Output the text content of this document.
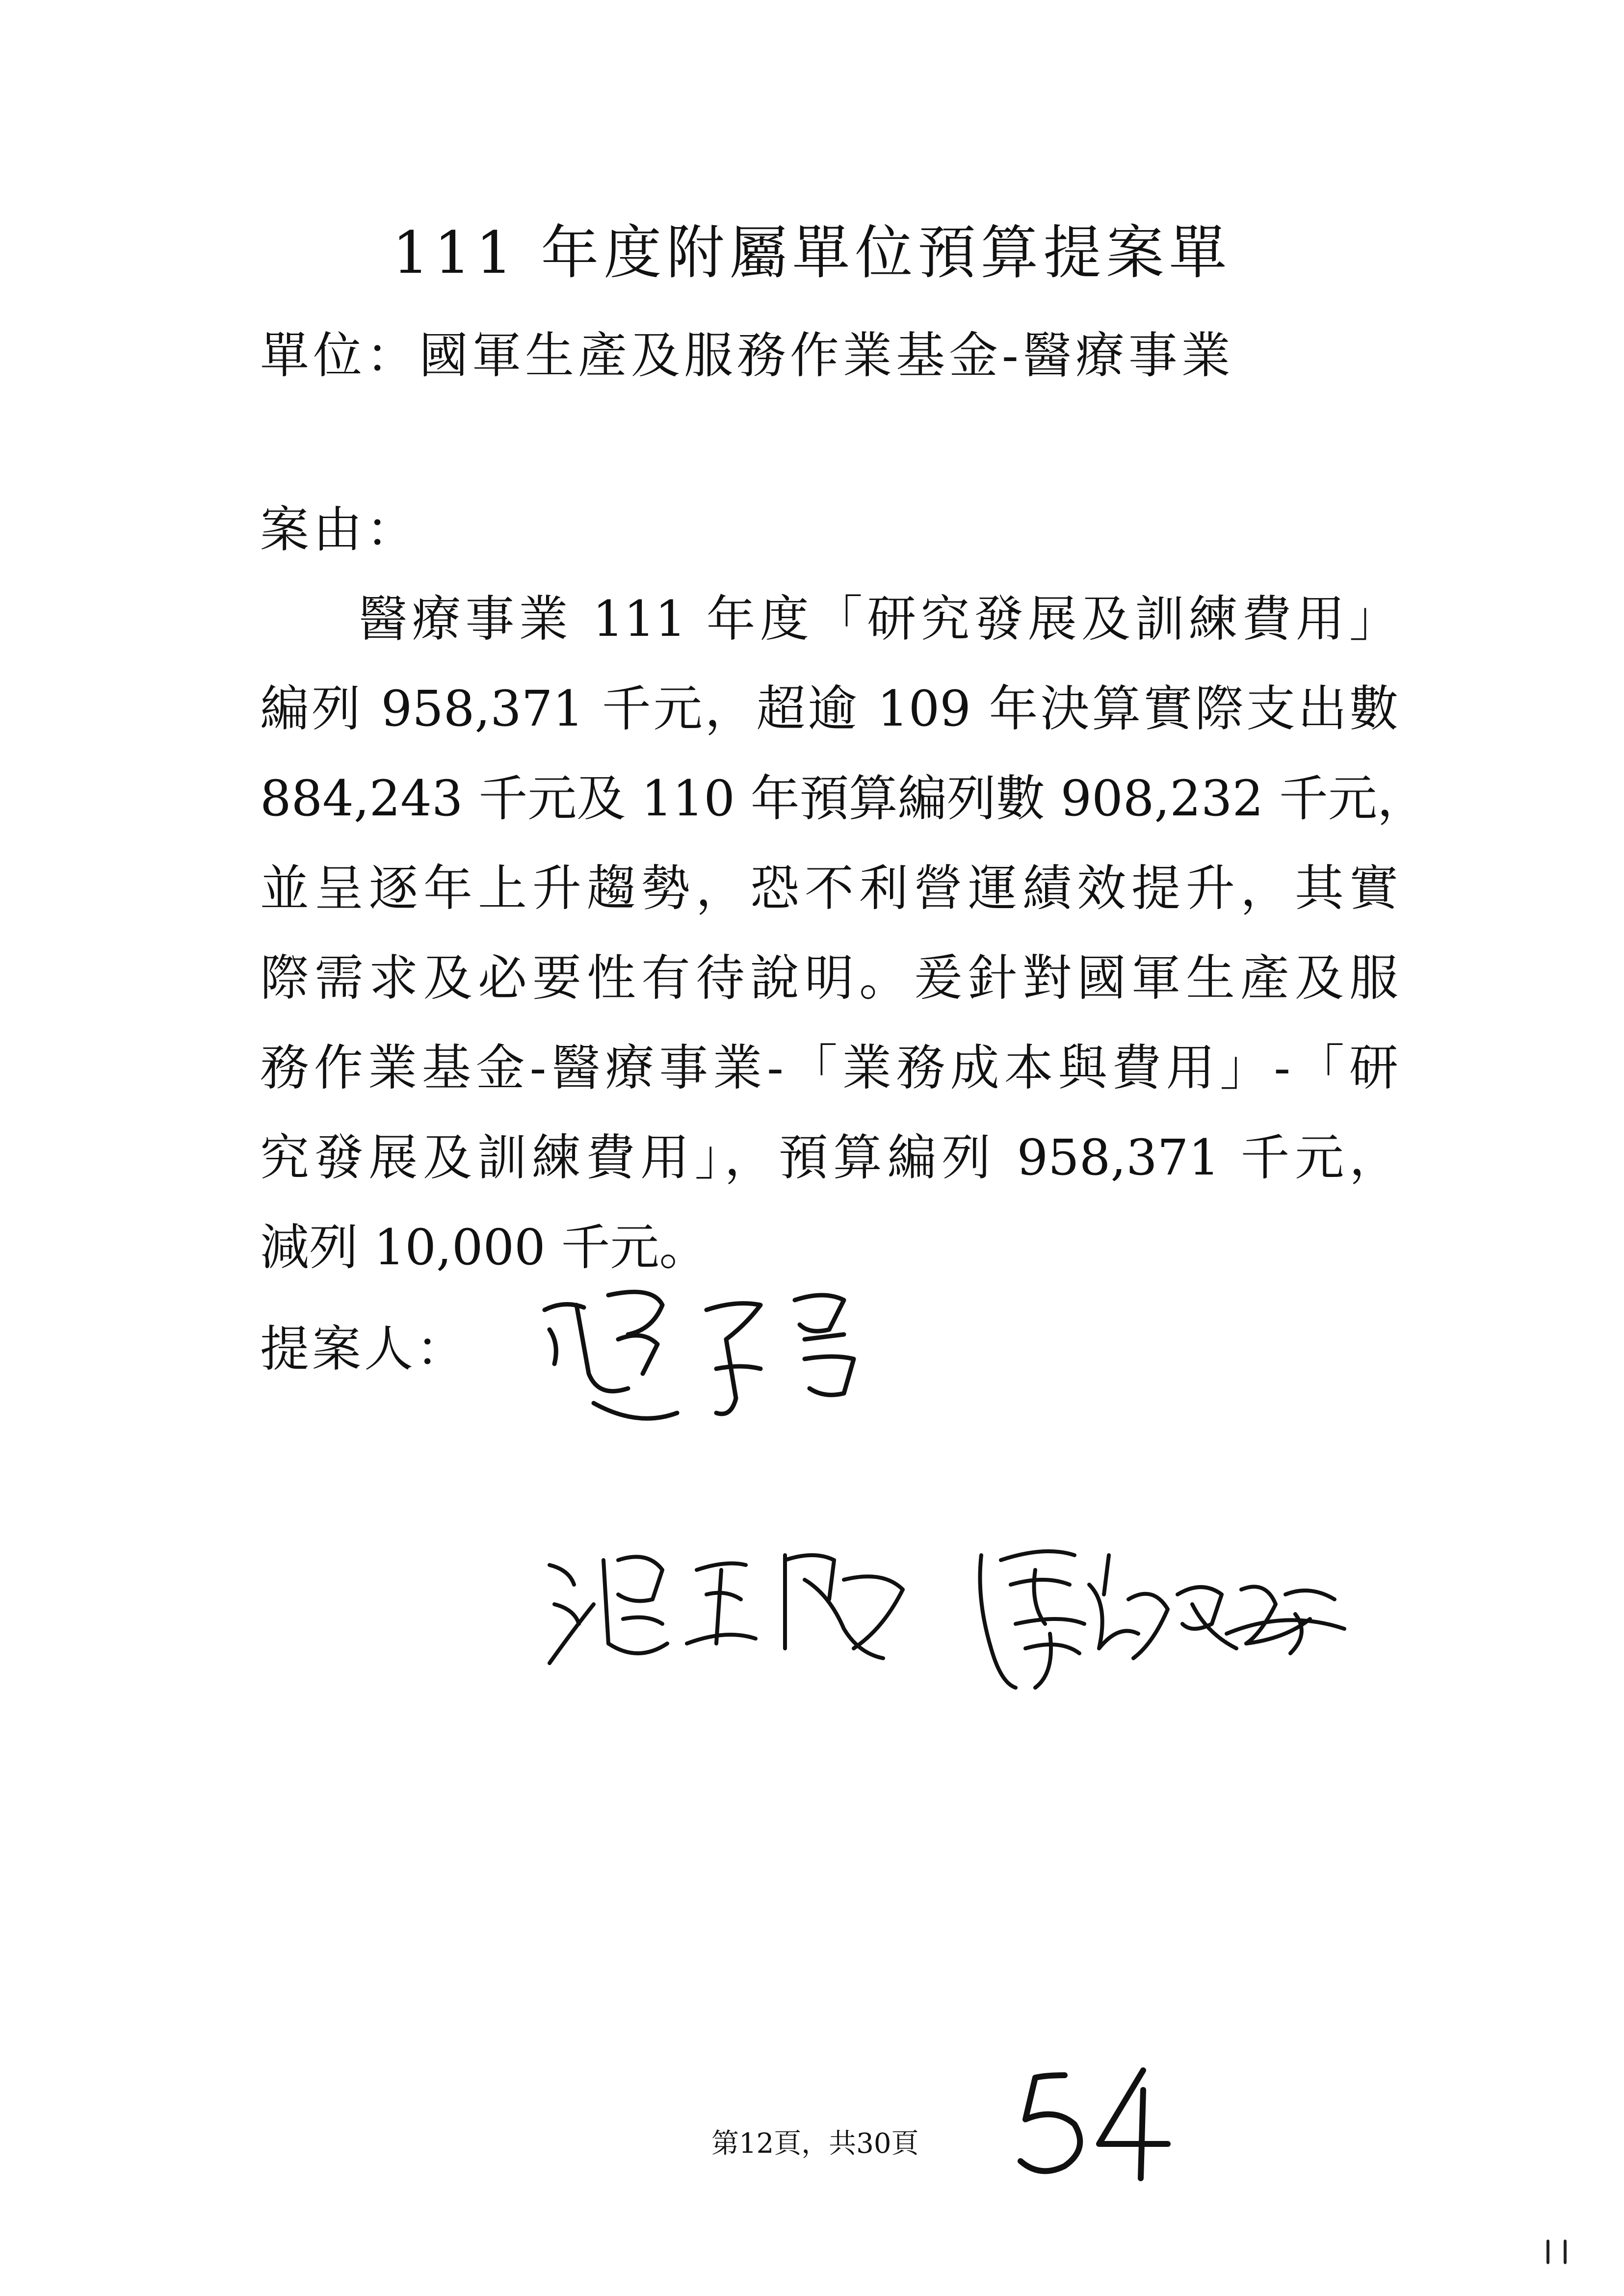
111 年度附屬單位預算提案單
單位：國軍生產及服務作業基金-醫療事業
案由：
醫療事業 111 年度「研究發展及訓練費用」
編列 958,371 千元，超逾 109 年決算實際支出數
884,243 千元及 110 年預算編列數 908,232 千元，
並呈逐年上升趨勢，恐不利營運績效提升，其實
際需求及必要性有待說明。爰針對國軍生產及服
務作業基金-醫療事業-「業務成本與費用」-「研
究發展及訓練費用」，預算編列 958,371 千元，
減列 10,000 千元。
提案人：
第12頁，共30頁
